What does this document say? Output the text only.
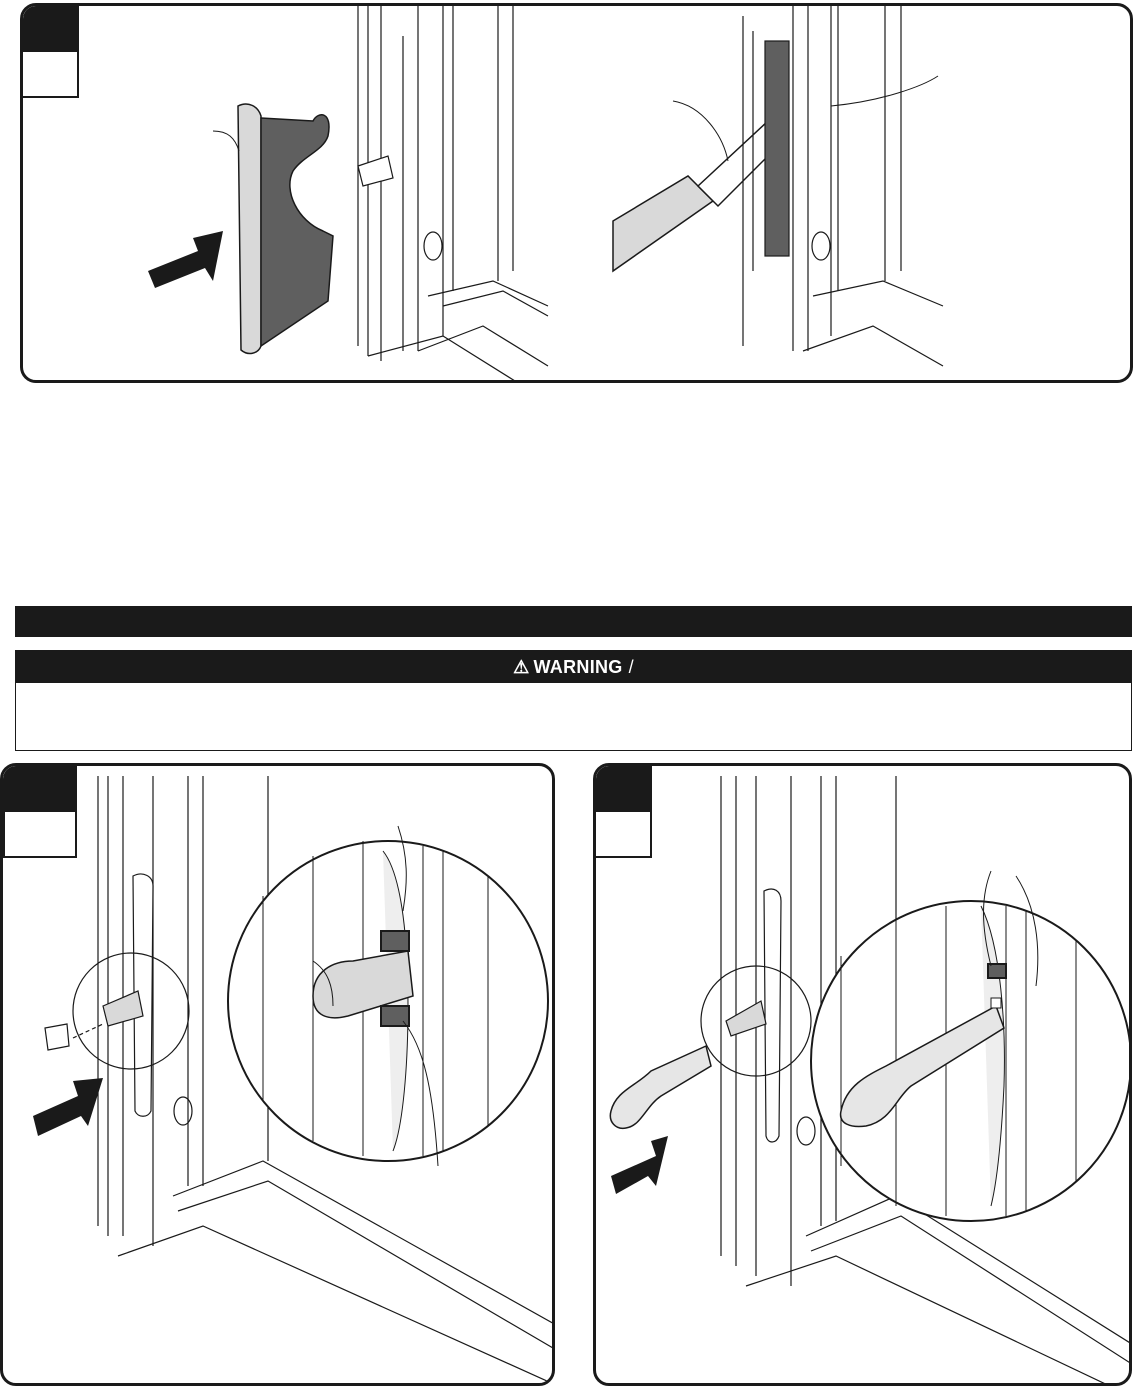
⚠ WARNING /
